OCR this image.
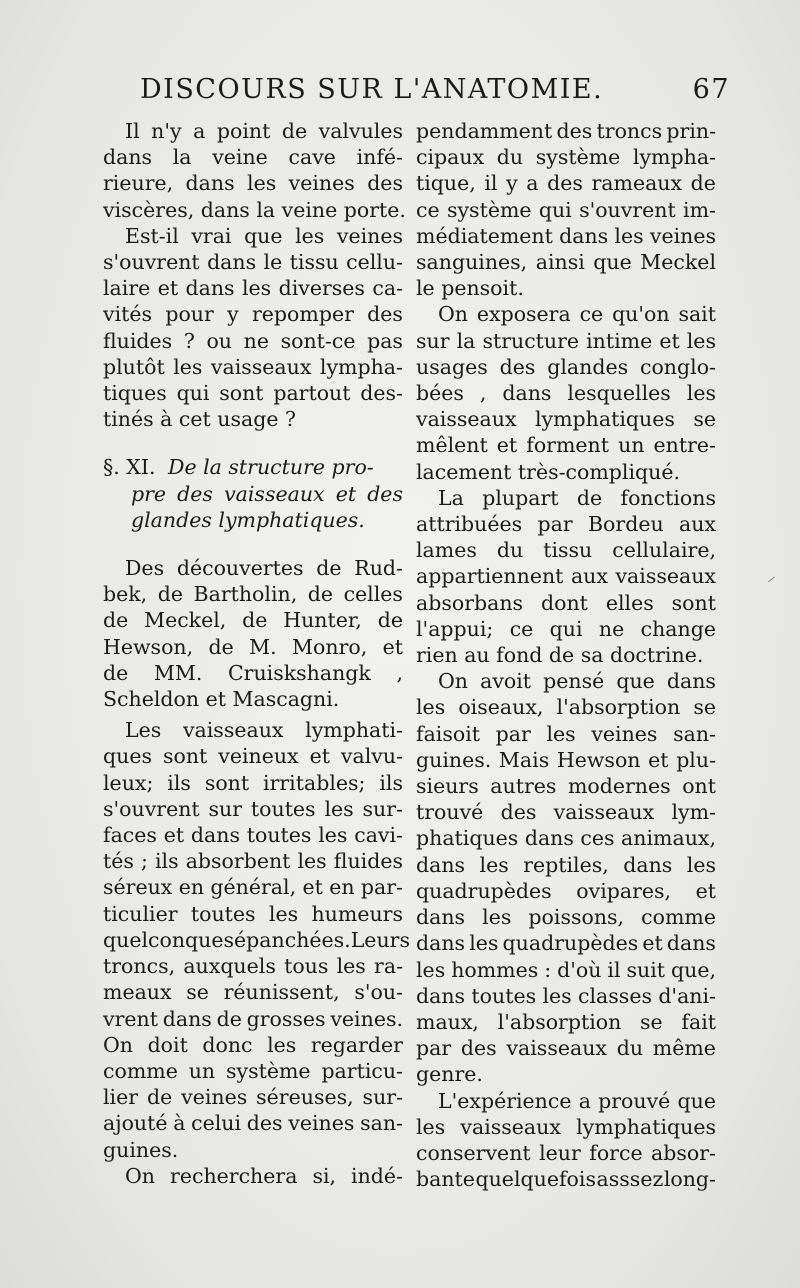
DISCOURS SUR L'ANATOMIE.	67
Il n'y a point de valvules
dans la veine cave infé-
rieure, dans les veines des
viscères, dans la veine porte.
Est-il vrai que les veines
s'ouvrent dans le tissu cellu-
laire et dans les diverses ca-
vités pour y repomper des
fluides ? ou ne sont-ce pas
plutôt les vaisseaux lympha-
tiques qui sont partout des-
tinés à cet usage ?
§. XI. De la structure pro-
pre des vaisseaux et des
glandes lymphatiques.
Des découvertes de Rud-
bek, de Bartholin, de celles
de Meckel, de Hunter, de
Hewson, de M. Monro, et
de MM. Cruiskshangk ,
Scheldon et Mascagni.
Les vaisseaux lymphati-
ques sont veineux et valvu-
leux; ils sont irritables; ils
s'ouvrent sur toutes les sur-
faces et dans toutes les cavi-
tés ; ils absorbent les fluides
séreux en général, et en par-
ticulier toutes les humeurs
quelconques épanchées.Leurs
troncs, auxquels tous les ra-
meaux se réunissent, s'ou-
vrent dans de grosses veines.
On doit donc les regarder
comme un système particu-
lier de veines séreuses, sur-
ajouté à celui des veines san-
guines.
On recherchera si, indé-
pendamment des troncs prin-
cipaux du système lympha-
tique, il y a des rameaux de
ce système qui s'ouvrent im-
médiatement dans les veines
sanguines, ainsi que Meckel
le pensoit.
On exposera ce qu'on sait
sur la structure intime et les
usages des glandes conglo-
bées , dans lesquelles les
vaisseaux lymphatiques se
mêlent et forment un entre-
lacement très-compliqué.
La plupart de fonctions
attribuées par Bordeu aux
lames du tissu cellulaire,
appartiennent aux vaisseaux
absorbans dont elles sont
l'appui; ce qui ne change
rien au fond de sa doctrine.
On avoit pensé que dans
les oiseaux, l'absorption se
faisoit par les veines san-
guines. Mais Hewson et plu-
sieurs autres modernes ont
trouvé des vaisseaux lym-
phatiques dans ces animaux,
dans les reptiles, dans les
quadrupèdes ovipares, et
dans les poissons, comme
dans les quadrupèdes et dans
les hommes : d'où il suit que,
dans toutes les classes d'ani-
maux, l'absorption se fait
par des vaisseaux du même
genre.
L'expérience a prouvé que
les vaisseaux lymphatiques
conservent leur force absor-
bante quelquefois asssez long-
